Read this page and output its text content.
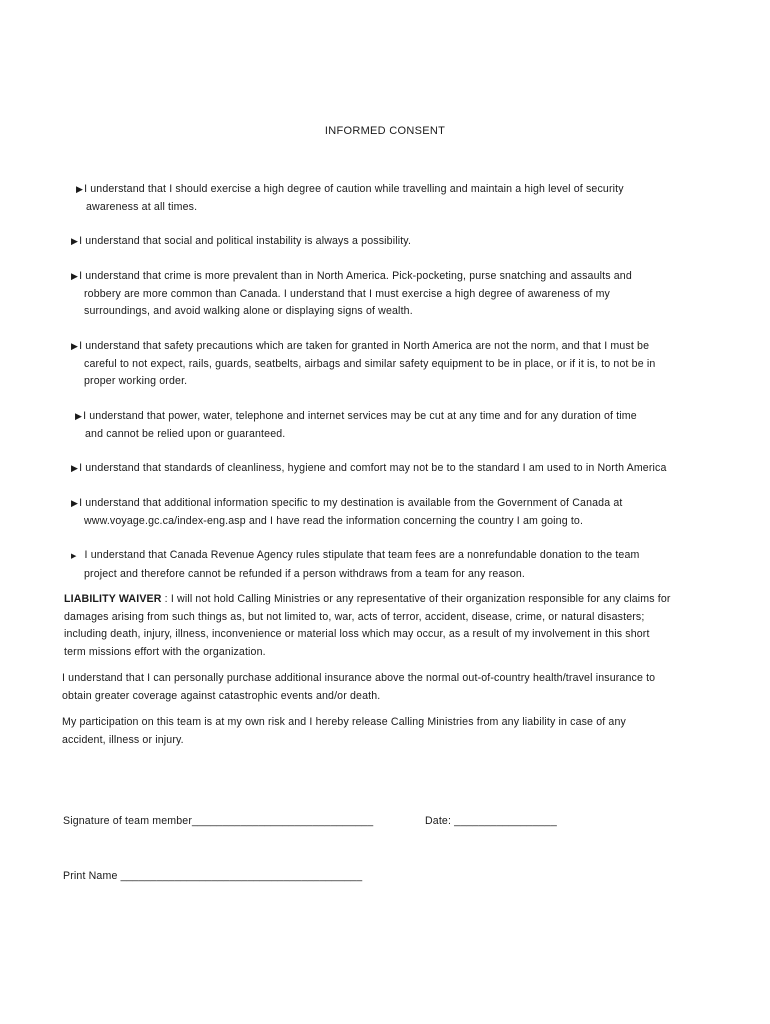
INFORMED CONSENT
▶I understand that I should exercise a high degree of caution while travelling and maintain a high level of security
awareness at all times.
▶I understand that social and political instability is always a possibility.
▶I understand that crime is more prevalent than in North America. Pick-pocketing, purse snatching and assaults and
robbery are more common than Canada. I understand that I must exercise a high degree of awareness of my
surroundings, and avoid walking alone or displaying signs of wealth.
▶I understand that safety precautions which are taken for granted in North America are not the norm, and that I must be
careful to not expect, rails, guards, seatbelts, airbags and similar safety equipment to be in place, or if it is, to not be in
proper working order.
▶I understand that power, water, telephone and internet services may be cut at any time and for any duration of time
and cannot be relied upon or guaranteed.
▶I understand that standards of cleanliness, hygiene and comfort may not be to the standard I am used to in North America
▶I understand that additional information specific to my destination is available from the Government of Canada at
www.voyage.gc.ca/index-eng.asp and I have read the information concerning the country I am going to.
▶ I understand that Canada Revenue Agency rules stipulate that team fees are a nonrefundable donation to the team
project and therefore cannot be refunded if a person withdraws from a team for any reason.
LIABILITY WAIVER : I will not hold Calling Ministries or any representative of their organization responsible for any claims for
damages arising from such things as, but not limited to, war, acts of terror, accident, disease, crime, or natural disasters;
including death, injury, illness, inconvenience or material loss which may occur, as a result of my involvement in this short
term missions effort with the organization.
I understand that I can personally purchase additional insurance above the normal out-of-country health/travel insurance to
obtain greater coverage against catastrophic events and/or death.
My participation on this team is at my own risk and I hereby release Calling Ministries from any liability in case of any
accident, illness or injury.
Signature of team member______________________________	Date: _________________
Print Name ________________________________________
